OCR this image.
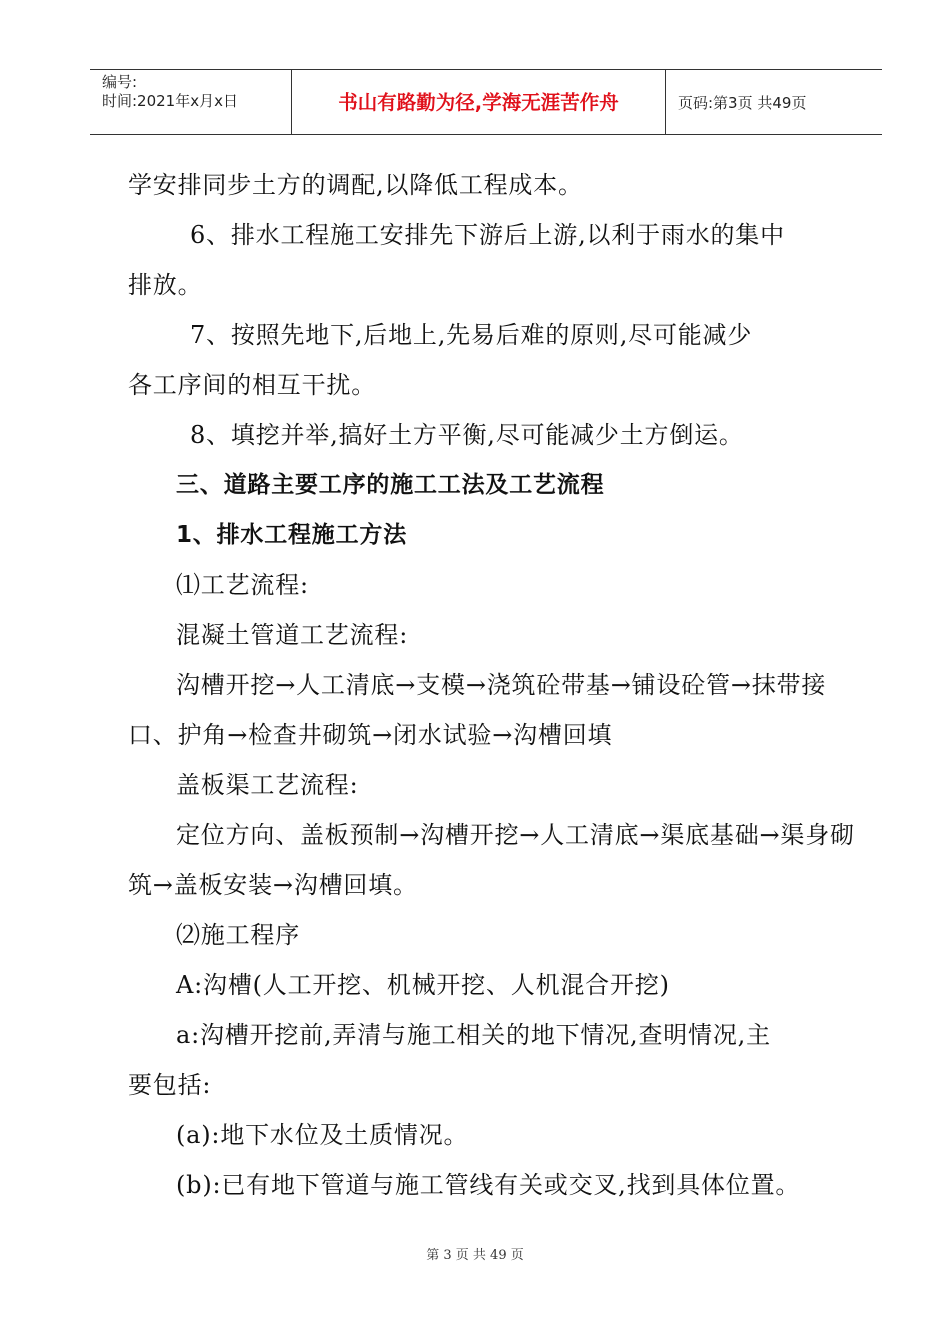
编号:
时间:2021年x月x日	书山有路勤为径,学海无涯苦作舟	页码:第3页 共49页
学安排同步土方的调配,以降低工程成本。
6、排水工程施工安排先下游后上游,以利于雨水的集中
排放。
7、按照先地下,后地上,先易后难的原则,尽可能减少
各工序间的相互干扰。
8、填挖并举,搞好土方平衡,尽可能减少土方倒运。
三、道路主要工序的施工工法及工艺流程
1、排水工程施工方法
⑴工艺流程:
混凝土管道工艺流程:
沟槽开挖→人工清底→支模→浇筑砼带基→铺设砼管→抹带接
口、护角→检查井砌筑→闭水试验→沟槽回填
盖板渠工艺流程:
定位方向、盖板预制→沟槽开挖→人工清底→渠底基础→渠身砌
筑→盖板安装→沟槽回填。
⑵施工程序
A:沟槽(人工开挖、机械开挖、人机混合开挖)
a:沟槽开挖前,弄清与施工相关的地下情况,查明情况,主
要包括:
(a):地下水位及土质情况。
(b):已有地下管道与施工管线有关或交叉,找到具体位置。
第 3 页 共 49 页
